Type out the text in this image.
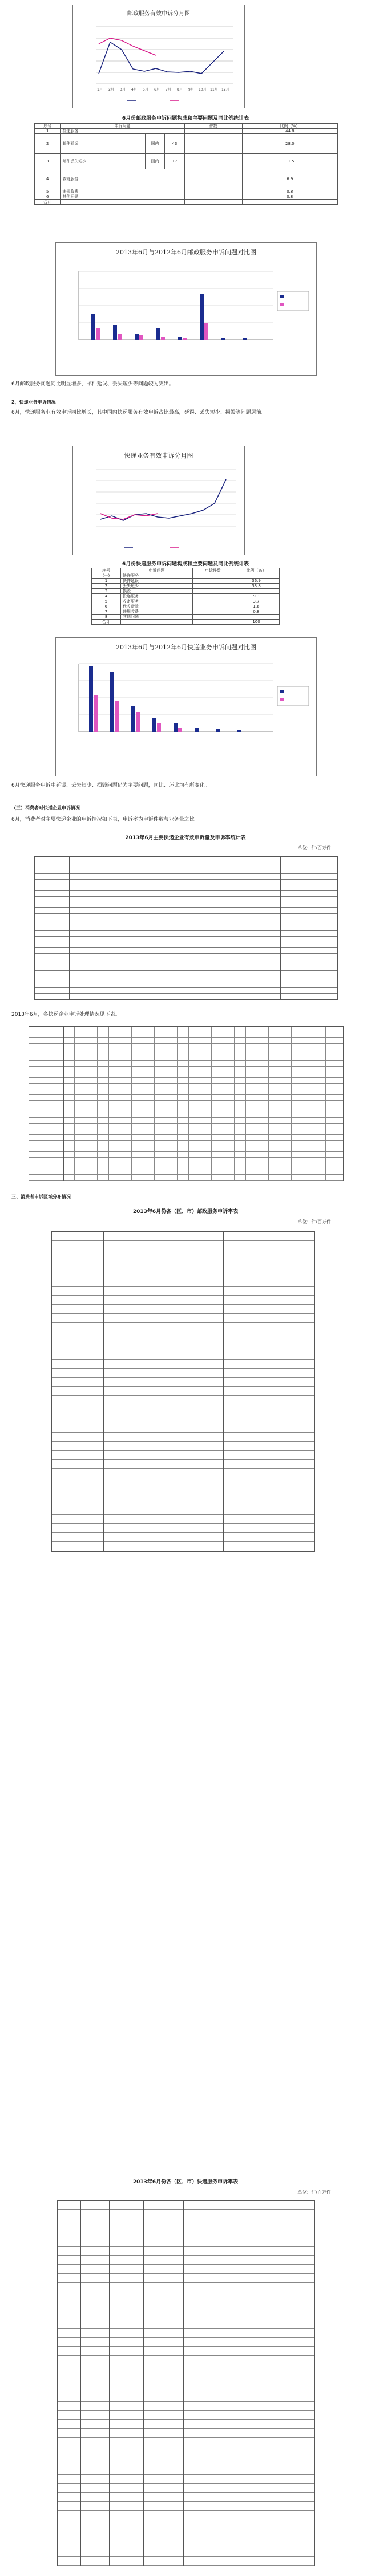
邮政服务有效申诉分月图
1月 2月 3月 4月 5月 6月 7月 8月 9月 10月 11月 12月
6月份邮政服务申诉问题构成和主要问题及同比例统计表
序号	申诉问题			件数	比例（%）
1	投递服务				44.8
2	邮件延误	国内	43		28.0
3	邮件丢失短少	国内	17		11.5
4	收寄服务				6.9
5	违规收费				0.8
6	其他问题				0.8
合计					
2013年6月与2012年6月邮政服务申诉问题对比图
6月邮政服务问题同比明显增多，邮件延误、丢失短少等问题较为突出。
2、快递业务申诉情况
6月，快递服务业有效申诉同比增长，其中国内快递服务有效申诉占比最高，延误、丢失短少、损毁等问题居前。
快递业务有效申诉分月图
6月份快递服务申诉问题构成和主要问题及同比例统计表
序号	申诉问题	申诉件数	比例（%）
(一)	快递服务		
1	快件延误		36.9
2	丢失短少		33.8
3	损毁		
4	投递服务		9.3
5	收寄服务		3.7
6	代收货款		1.6
7	违规收费		0.8
8	其他问题		
合计			100
2013年6月与2012年6月快递业务申诉问题对比图
6月快递服务申诉中延误、丢失短少、损毁问题仍为主要问题，同比、环比均有所变化。
（三）消费者对快递企业申诉情况
6月，消费者对主要快递企业的申诉情况如下表，申诉率为申诉件数与业务量之比。
2013年6月主要快递企业有效申诉量及申诉率统计表
单位：件/百万件
2013年6月，各快递企业申诉处理情况见下表。
三、消费者申诉区域分布情况
2013年6月份各（区、市）邮政服务申诉率表
单位：件/百万件
2013年6月份各（区、市）快递服务申诉率表
单位：件/百万件
